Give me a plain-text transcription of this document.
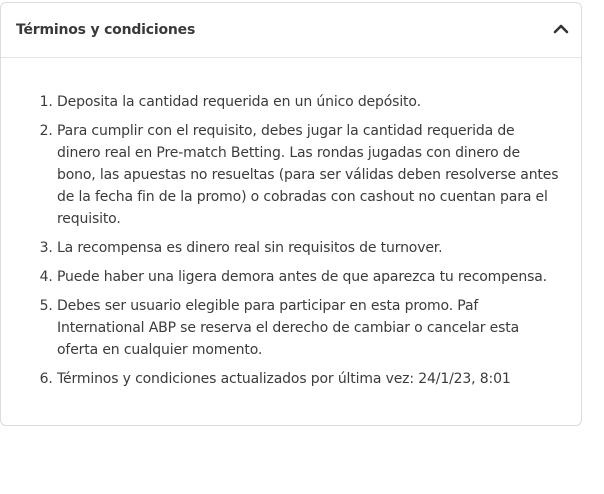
Términos y condiciones
1. Deposita la cantidad requerida en un único depósito.
2. Para cumplir con el requisito, debes jugar la cantidad requerida de dinero real en Pre-match Betting. Las rondas jugadas con dinero de bono, las apuestas no resueltas (para ser válidas deben resolverse antes de la fecha fin de la promo) o cobradas con cashout no cuentan para el requisito.
3. La recompensa es dinero real sin requisitos de turnover.
4. Puede haber una ligera demora antes de que aparezca tu recompensa.
5. Debes ser usuario elegible para participar en esta promo. Paf International ABP se reserva el derecho de cambiar o cancelar esta oferta en cualquier momento.
6. Términos y condiciones actualizados por última vez: 24/1/23, 8:01
